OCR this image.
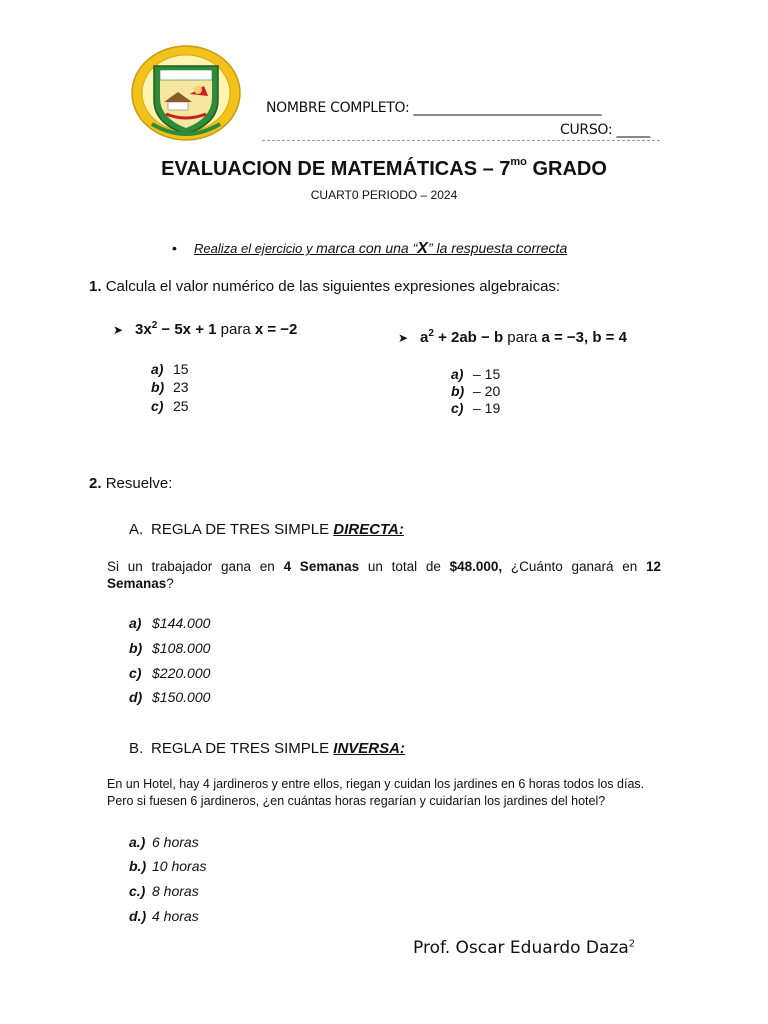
NOMBRE COMPLETO: ____________________________
CURSO: _____
EVALUACION DE MATEMÁTICAS – $7^{mo}$ GRADO
CUART0 PERIODO – 2024
• Realiza el ejercicio y marca con una “X” la respuesta correcta
1. Calcula el valor numérico de las siguientes expresiones algebraicas:
➤ $3x^2 - 5x + 1$ para x = −2
a) 15
b) 23
c) 25
➤ $a^2 + 2ab - b$ para a = −3, b = 4
a) – 15
b) – 20
c) – 19
2. Resuelve:
A. REGLA DE TRES SIMPLE DIRECTA:
Si un trabajador gana en 4 Semanas un total de $48.000, ¿Cuánto ganará en 12 Semanas?
a) $144.000
b) $108.000
c) $220.000
d) $150.000
B. REGLA DE TRES SIMPLE INVERSA:
En un Hotel, hay 4 jardineros y entre ellos, riegan y cuidan los jardines en 6 horas todos los días.
Pero si fuesen 6 jardineros, ¿en cuántas horas regarían y cuidarían los jardines del hotel?
a.) 6 horas
b.) 10 horas
c.) 8 horas
d.) 4 horas
Prof. Oscar Eduardo Daza$^2$
